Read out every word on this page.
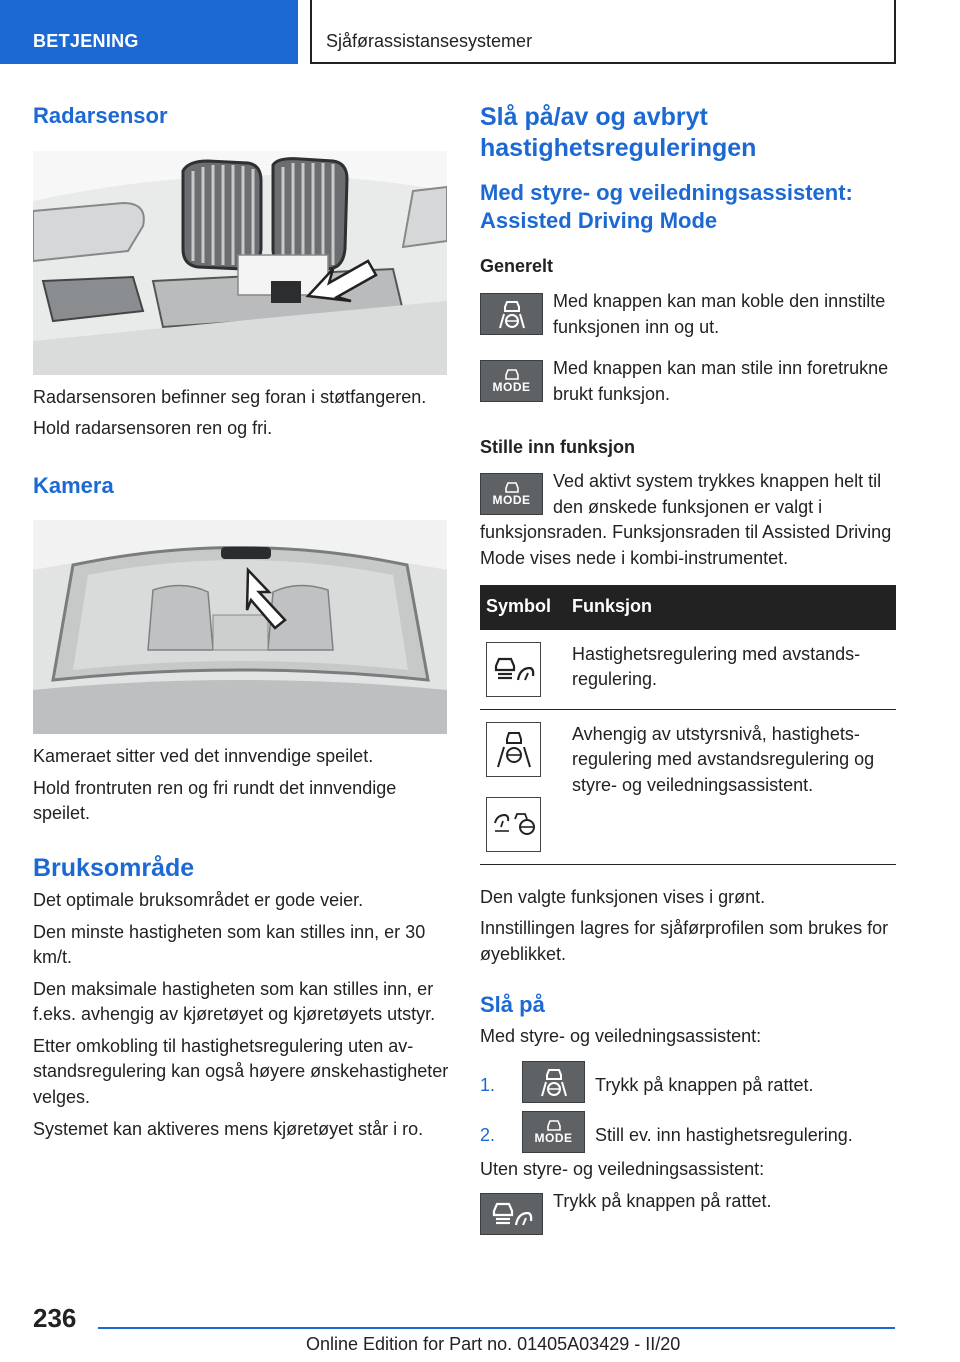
BETJENING	Sjåførassistansesystemer
Radarsensor

Radarsensoren befinner seg foran i støtfangeren.

Hold radarsensoren ren og fri.

Kamera

Kameraet sitter ved det innvendige speilet.

Hold frontruten ren og fri rundt det innvendige speilet.

Bruksområde

Det optimale bruksområdet er gode veier.

Den minste hastigheten som kan stilles inn, er 30 km/t.

Den maksimale hastigheten som kan stilles inn, er f.eks. avhengig av kjøretøyet og kjøretøyets utstyr.

Etter omkobling til hastighetsregulering uten avstandsregulering kan også høyere ønskehastigheter velges.

Systemet kan aktiveres mens kjøretøyet står i ro.

Slå på/av og avbryt hastighetsreguleringen
Med styre- og veiledningsassistent: Assisted Driving Mode
Generelt
Med knappen kan man koble den innstilte funksjonen inn og ut.
MODE
Med knappen kan man stile inn foretrukne brukt funksjon.
Stille inn funksjon
MODE
Ved aktivt system trykkes knappen helt til den ønskede funksjonen er valgt i funksjonsraden. Funksjonsraden til Assisted Driving Mode vises nede i kombi-instrumentet.
Symbol	Funksjon

	Hastighetsregulering med avstandsregulering.

	Avhengig av utstyrsnivå, hastighetsregulering med avstandsregulering og styre- og veiledningsassistent.

Den valgte funksjonen vises i grønt.

Innstillingen lagres for sjåførprofilen som brukes for øyeblikket.

Slå på

Med styre- og veiledningsassistent:

1.	Trykk på knappen på rattet.
2.	MODE Still ev. inn hastighetsregulering.

Uten styre- og veiledningsassistent:

Trykk på knappen på rattet.
236
Online Edition for Part no. 01405A03429 - II/20
